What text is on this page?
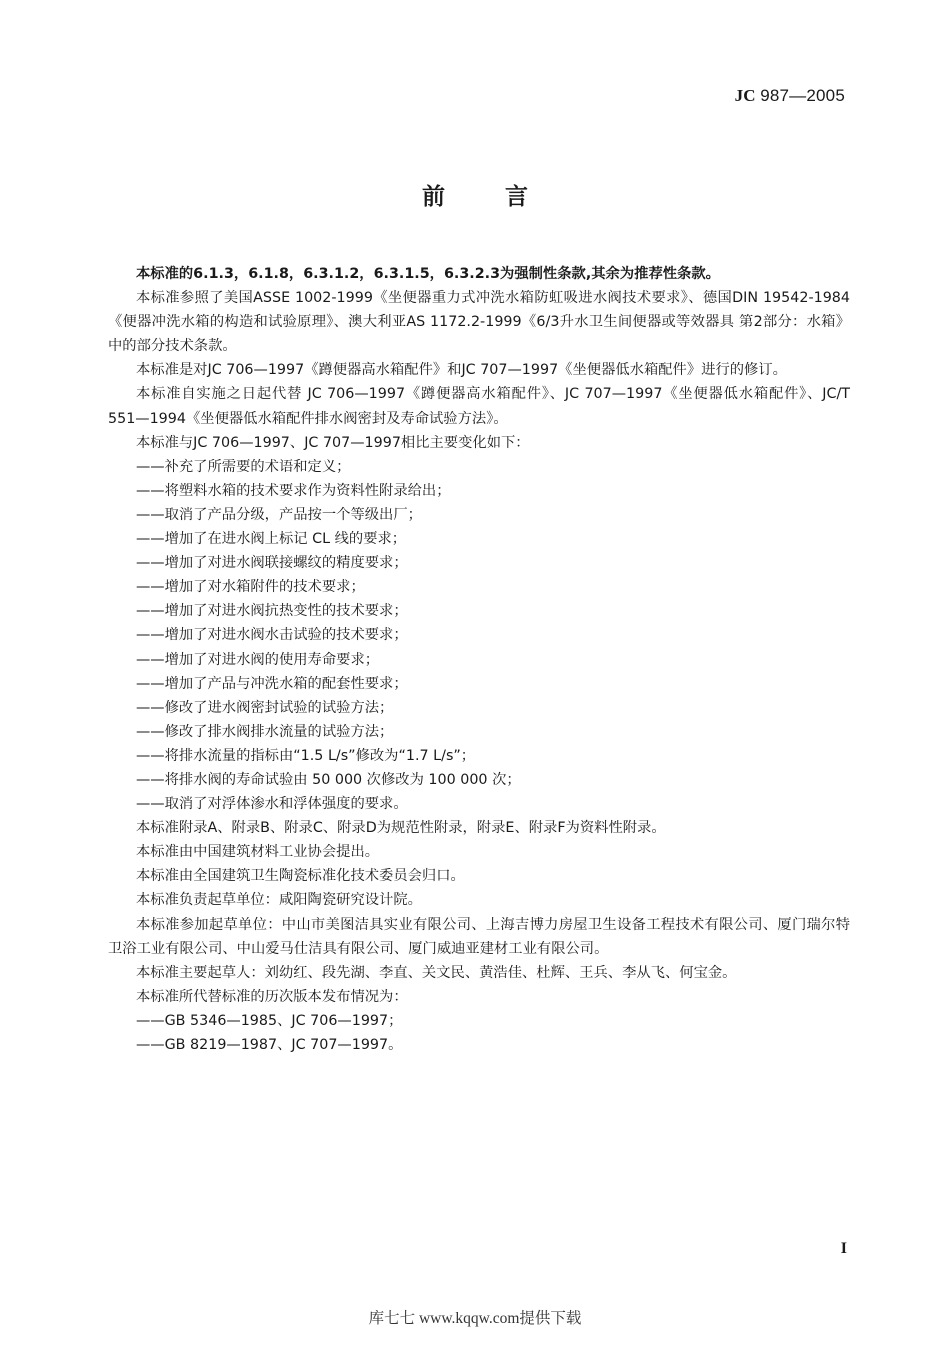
JC 987—2005
前	言

本标准的6.1.3，6.1.8，6.3.1.2，6.3.1.5，6.3.2.3为强制性条款,其余为推荐性条款。

本标准参照了美国ASSE 1002-1999《坐便器重力式冲洗水箱防虹吸进水阀技术要求》、德国DIN 19542-1984《便器冲洗水箱的构造和试验原理》、澳大利亚AS 1172.2-1999《6/3升水卫生间便器或等效器具 第2部分：水箱》中的部分技术条款。

本标准是对JC 706—1997《蹲便器高水箱配件》和JC 707—1997《坐便器低水箱配件》进行的修订。

本标准自实施之日起代替 JC 706—1997《蹲便器高水箱配件》、JC 707—1997《坐便器低水箱配件》、JC/T 551—1994《坐便器低水箱配件排水阀密封及寿命试验方法》。

本标准与JC 706—1997、JC 707—1997相比主要变化如下：

——补充了所需要的术语和定义；

——将塑料水箱的技术要求作为资料性附录给出；

——取消了产品分级，产品按一个等级出厂；

——增加了在进水阀上标记 CL 线的要求；

——增加了对进水阀联接螺纹的精度要求；

——增加了对水箱附件的技术要求；

——增加了对进水阀抗热变性的技术要求；

——增加了对进水阀水击试验的技术要求；

——增加了对进水阀的使用寿命要求；

——增加了产品与冲洗水箱的配套性要求；

——修改了进水阀密封试验的试验方法；

——修改了排水阀排水流量的试验方法；

——将排水流量的指标由“1.5 L/s”修改为“1.7 L/s”；

——将排水阀的寿命试验由 50 000 次修改为 100 000 次；

——取消了对浮体渗水和浮体强度的要求。

本标准附录A、附录B、附录C、附录D为规范性附录，附录E、附录F为资料性附录。

本标准由中国建筑材料工业协会提出。

本标准由全国建筑卫生陶瓷标准化技术委员会归口。

本标准负责起草单位：咸阳陶瓷研究设计院。

本标准参加起草单位：中山市美图洁具实业有限公司、上海吉博力房屋卫生设备工程技术有限公司、厦门瑞尔特卫浴工业有限公司、中山爱马仕洁具有限公司、厦门威迪亚建材工业有限公司。

本标准主要起草人：刘幼红、段先湖、李直、关文民、黄浩佳、杜辉、王兵、李从飞、何宝金。

本标准所代替标准的历次版本发布情况为：

——GB 5346—1985、JC 706—1997；

——GB 8219—1987、JC 707—1997。

I
库七七 www.kqqw.com提供下载
